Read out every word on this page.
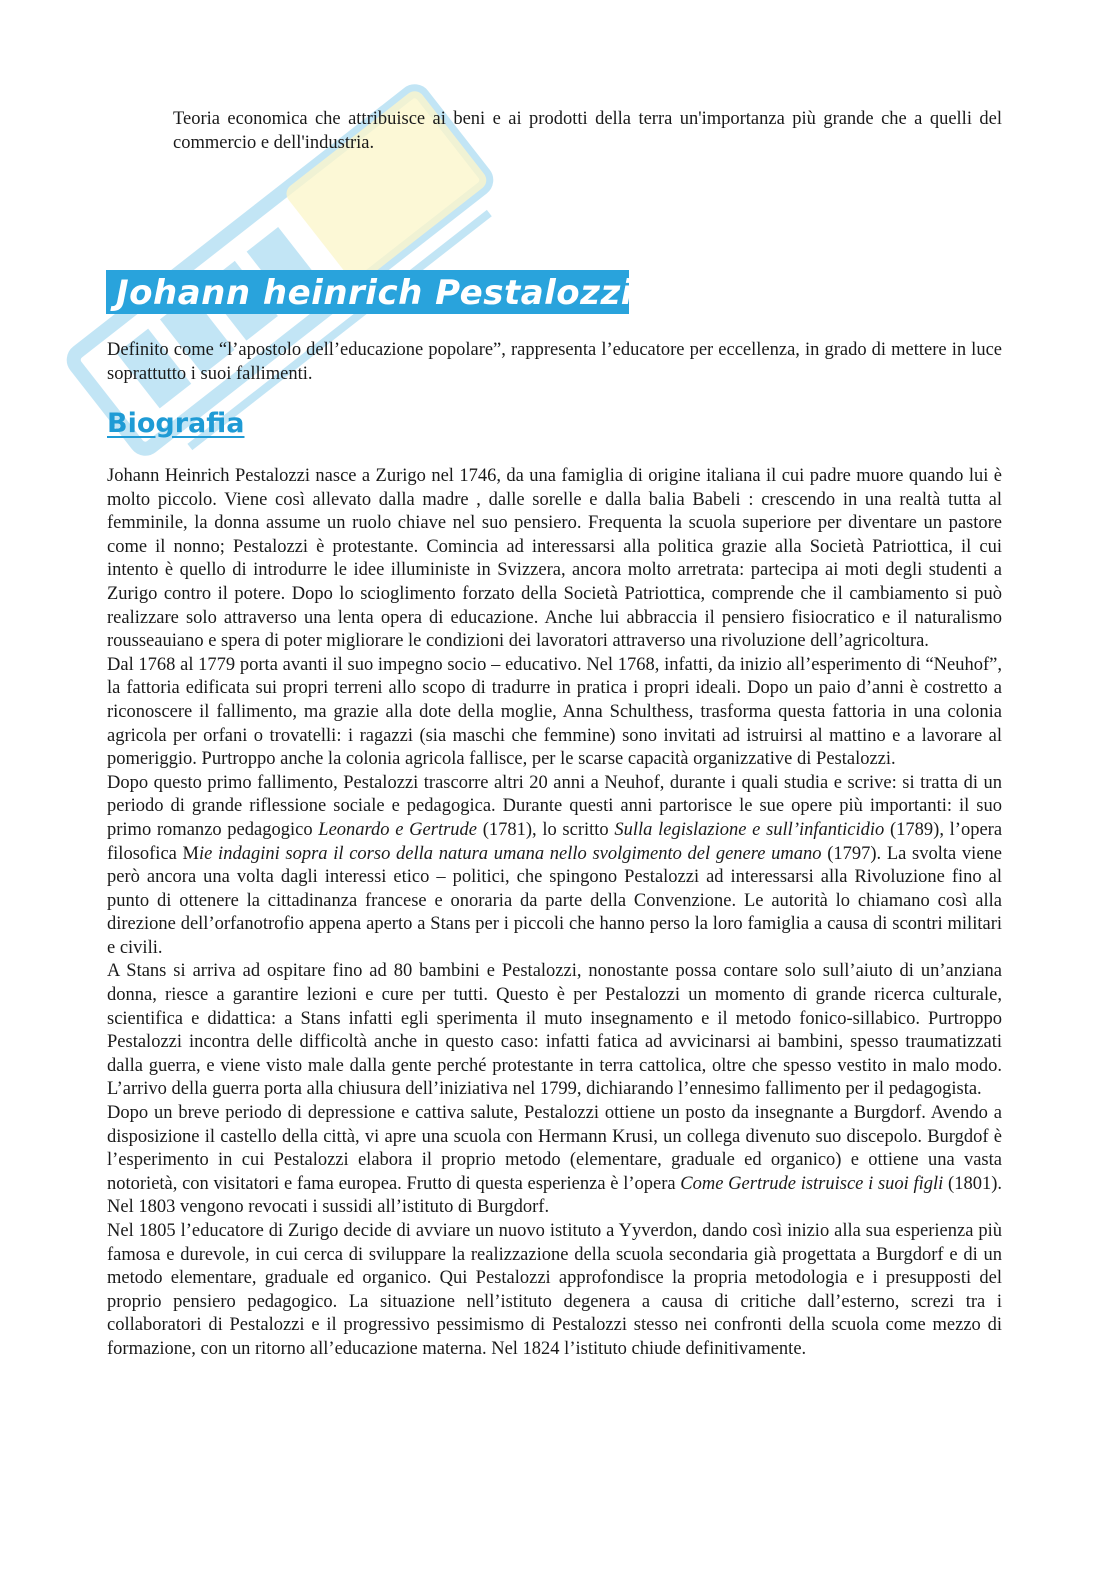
Teoria economica che attribuisce ai beni e ai prodotti della terra un'importanza più grande che a quelli del commercio e dell'industria.

Johann heinrich Pestalozzi

Definito come “l’apostolo dell’educazione popolare”, rappresenta l’educatore per eccellenza, in grado di mettere in luce soprattutto i suoi fallimenti.

Biografia

Johann Heinrich Pestalozzi nasce a Zurigo nel 1746, da una famiglia di origine italiana il cui padre muore quando lui è molto piccolo. Viene così allevato dalla madre , dalle sorelle e dalla balia Babeli : crescendo in una realtà tutta al femminile, la donna assume un ruolo chiave nel suo pensiero. Frequenta la scuola superiore per diventare un pastore come il nonno; Pestalozzi è protestante. Comincia ad interessarsi alla politica grazie alla Società Patriottica, il cui intento è quello di introdurre le idee illuministe in Svizzera, ancora molto arretrata: partecipa ai moti degli studenti a Zurigo contro il potere. Dopo lo scioglimento forzato della Società Patriottica, comprende che il cambiamento si può realizzare solo attraverso una lenta opera di educazione. Anche lui abbraccia il pensiero fisiocratico e il naturalismo rousseauiano e spera di poter migliorare le condizioni dei lavoratori attraverso una rivoluzione dell’agricoltura.

Dal 1768 al 1779 porta avanti il suo impegno socio – educativo. Nel 1768, infatti, da inizio all’esperimento di “Neuhof”, la fattoria edificata sui propri terreni allo scopo di tradurre in pratica i propri ideali. Dopo un paio d’anni è costretto a riconoscere il fallimento, ma grazie alla dote della moglie, Anna Schulthess, trasforma questa fattoria in una colonia agricola per orfani o trovatelli: i ragazzi (sia maschi che femmine) sono invitati ad istruirsi al mattino e a lavorare al pomeriggio. Purtroppo anche la colonia agricola fallisce, per le scarse capacità organizzative di Pestalozzi.

Dopo questo primo fallimento, Pestalozzi trascorre altri 20 anni a Neuhof, durante i quali studia e scrive: si tratta di un periodo di grande riflessione sociale e pedagogica. Durante questi anni partorisce le sue opere più importanti: il suo primo romanzo pedagogico Leonardo e Gertrude (1781), lo scritto Sulla legislazione e sull’infanticidio (1789), l’opera filosofica Mie indagini sopra il corso della natura umana nello svolgimento del genere umano (1797). La svolta viene però ancora una volta dagli interessi etico – politici, che spingono Pestalozzi ad interessarsi alla Rivoluzione fino al punto di ottenere la cittadinanza francese e onoraria da parte della Convenzione. Le autorità lo chiamano così alla direzione dell’orfanotrofio appena aperto a Stans per i piccoli che hanno perso la loro famiglia a causa di scontri militari e civili.

A Stans si arriva ad ospitare fino ad 80 bambini e Pestalozzi, nonostante possa contare solo sull’aiuto di un’anziana donna, riesce a garantire lezioni e cure per tutti. Questo è per Pestalozzi un momento di grande ricerca culturale, scientifica e didattica: a Stans infatti egli sperimenta il muto insegnamento e il metodo fonico-sillabico. Purtroppo Pestalozzi incontra delle difficoltà anche in questo caso: infatti fatica ad avvicinarsi ai bambini, spesso traumatizzati dalla guerra, e viene visto male dalla gente perché protestante in terra cattolica, oltre che spesso vestito in malo modo. L’arrivo della guerra porta alla chiusura dell’iniziativa nel 1799, dichiarando l’ennesimo fallimento per il pedagogista.

Dopo un breve periodo di depressione e cattiva salute, Pestalozzi ottiene un posto da insegnante a Burgdorf. Avendo a disposizione il castello della città, vi apre una scuola con Hermann Krusi, un collega divenuto suo discepolo. Burgdof è l’esperimento in cui Pestalozzi elabora il proprio metodo (elementare, graduale ed organico) e ottiene una vasta notorietà, con visitatori e fama europea. Frutto di questa esperienza è l’opera Come Gertrude istruisce i suoi figli (1801). Nel 1803 vengono revocati i sussidi all’istituto di Burgdorf.

Nel 1805 l’educatore di Zurigo decide di avviare un nuovo istituto a Yyverdon, dando così inizio alla sua esperienza più famosa e durevole, in cui cerca di sviluppare la realizzazione della scuola secondaria già progettata a Burgdorf e di un metodo elementare, graduale ed organico. Qui Pestalozzi approfondisce la propria metodologia e i presupposti del proprio pensiero pedagogico. La situazione nell’istituto degenera a causa di critiche dall’esterno, screzi tra i collaboratori di Pestalozzi e il progressivo pessimismo di Pestalozzi stesso nei confronti della scuola come mezzo di formazione, con un ritorno all’educazione materna. Nel 1824 l’istituto chiude definitivamente.
